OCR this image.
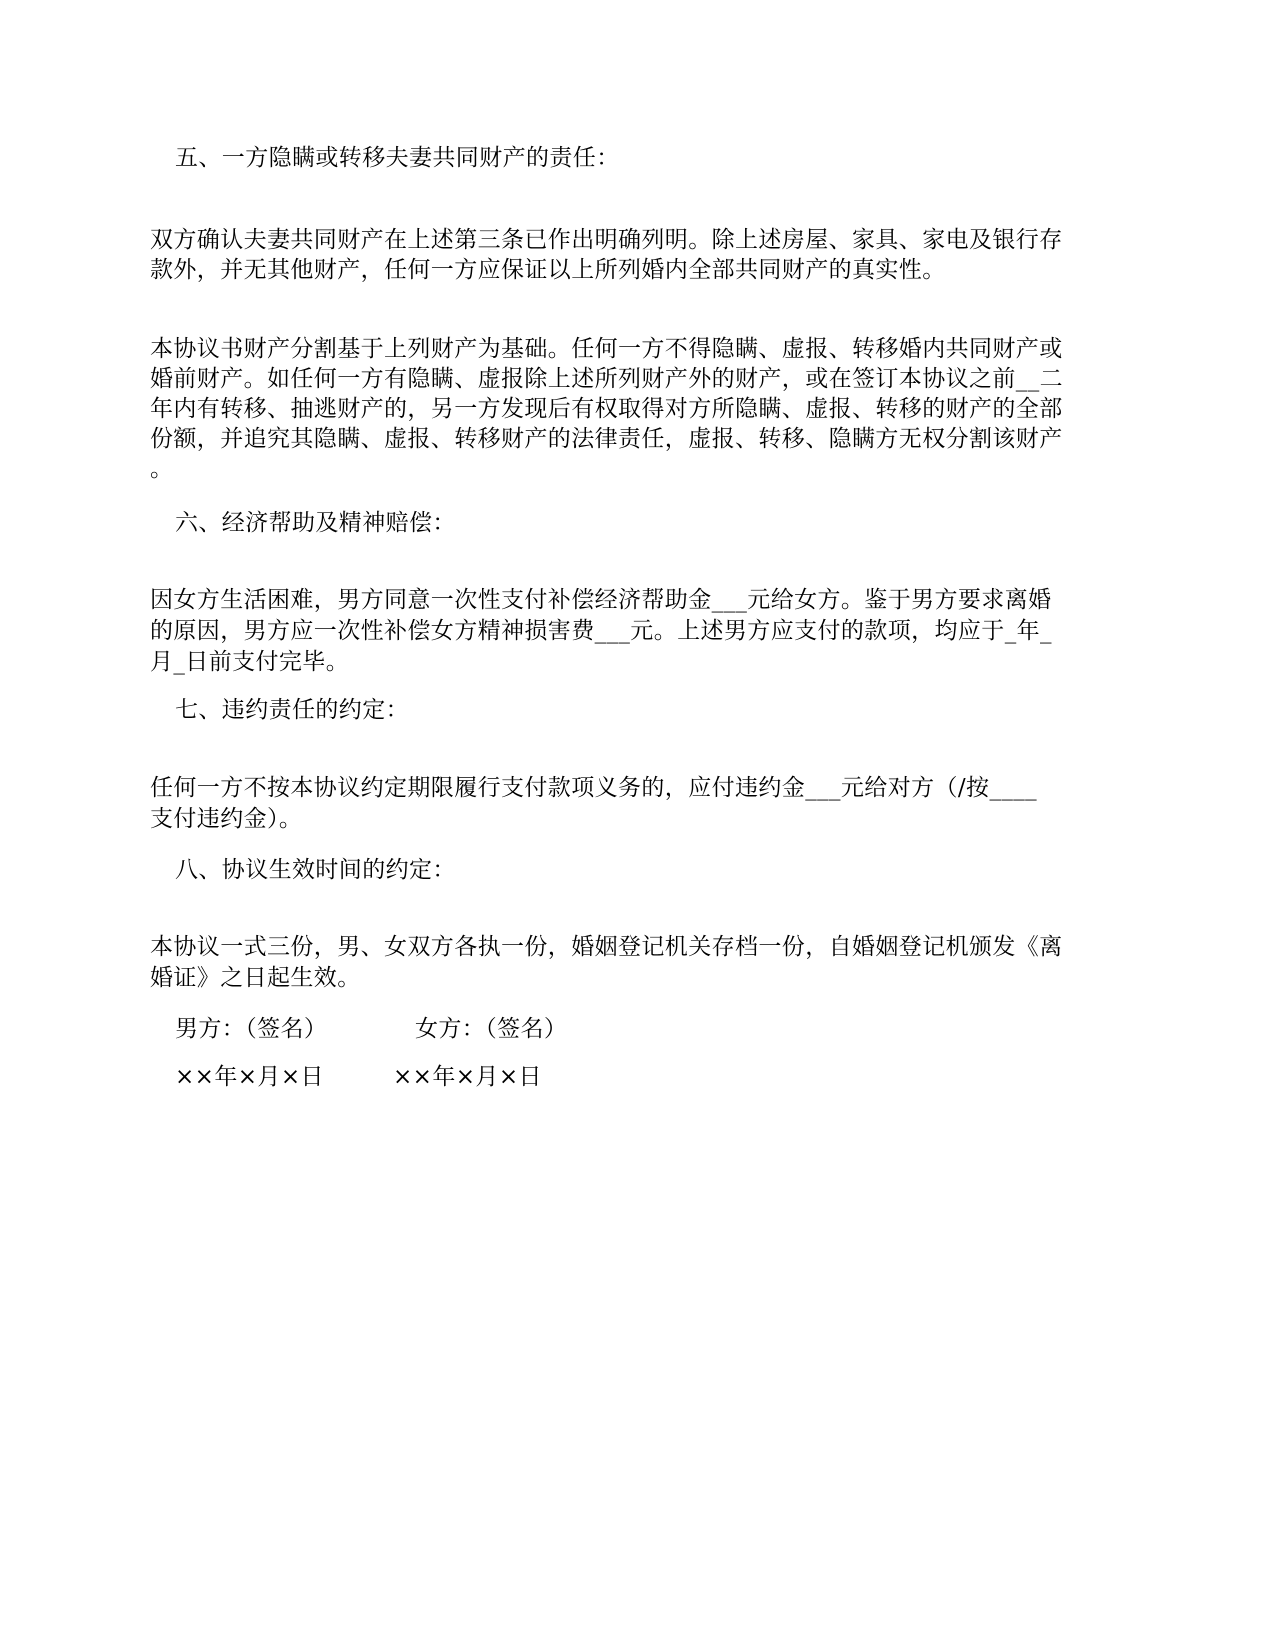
五、一方隐瞒或转移夫妻共同财产的责任：
双方确认夫妻共同财产在上述第三条已作出明确列明。除上述房屋、家具、家电及银行存
款外，并无其他财产，任何一方应保证以上所列婚内全部共同财产的真实性。
本协议书财产分割基于上列财产为基础。任何一方不得隐瞒、虚报、转移婚内共同财产或
婚前财产。如任何一方有隐瞒、虚报除上述所列财产外的财产，或在签订本协议之前__二
年内有转移、抽逃财产的，另一方发现后有权取得对方所隐瞒、虚报、转移的财产的全部
份额，并追究其隐瞒、虚报、转移财产的法律责任，虚报、转移、隐瞒方无权分割该财产
。
六、经济帮助及精神赔偿：
因女方生活困难，男方同意一次性支付补偿经济帮助金___元给女方。鉴于男方要求离婚
的原因，男方应一次性补偿女方精神损害费___元。上述男方应支付的款项，均应于_年_
月_日前支付完毕。
七、违约责任的约定：
任何一方不按本协议约定期限履行支付款项义务的，应付违约金___元给对方（/按____
支付违约金）。
八、协议生效时间的约定：
本协议一式三份，男、女双方各执一份，婚姻登记机关存档一份，自婚姻登记机颁发《离
婚证》之日起生效。
男方：（签名）	女方：（签名）
××年×月×日	××年×月×日
